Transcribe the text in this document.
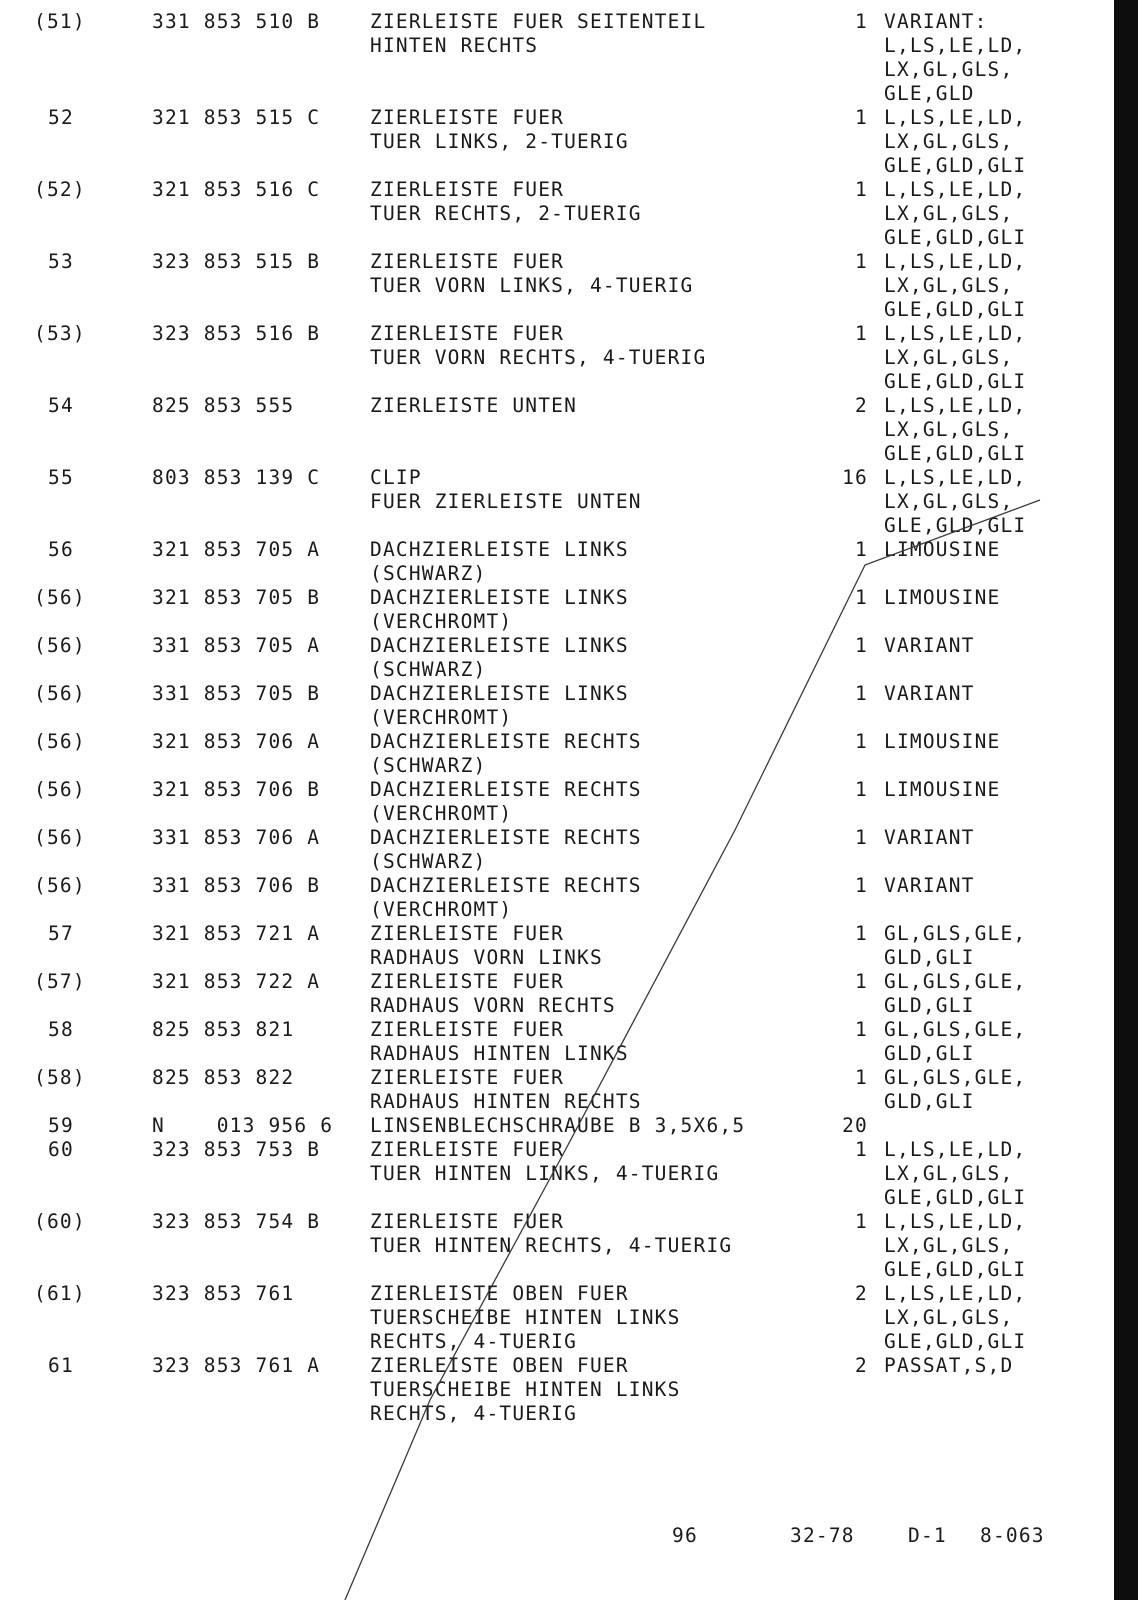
(51)	331 853 510 B	ZIERLEISTE FUER SEITENTEIL
HINTEN RECHTS
1 VARIANT:
L,LS,LE,LD,
LX,GL,GLS,
GLE,GLD
52	321 853 515 C	ZIERLEISTE FUER
TUER LINKS, 2-TUERIG
1 L,LS,LE,LD,
LX,GL,GLS,
GLE,GLD,GLI
(52)	321 853 516 C	ZIERLEISTE FUER
TUER RECHTS, 2-TUERIG
1 L,LS,LE,LD,
LX,GL,GLS,
GLE,GLD,GLI
53	323 853 515 B	ZIERLEISTE FUER
TUER VORN LINKS, 4-TUERIG
1 L,LS,LE,LD,
LX,GL,GLS,
GLE,GLD,GLI
(53)	323 853 516 B	ZIERLEISTE FUER
TUER VORN RECHTS, 4-TUERIG
1 L,LS,LE,LD,
LX,GL,GLS,
GLE,GLD,GLI
54	825 853 555	ZIERLEISTE UNTEN	2 L,LS,LE,LD,
LX,GL,GLS,
GLE,GLD,GLI
55	803 853 139 C	CLIP
FUER ZIERLEISTE UNTEN
16 L,LS,LE,LD,
LX,GL,GLS,
GLE,GLD,GLI
56	321 853 705 A	DACHZIERLEISTE LINKS
(SCHWARZ)
1 LIMOUSINE
(56)	321 853 705 B	DACHZIERLEISTE LINKS
(VERCHROMT)
1 LIMOUSINE
(56)	331 853 705 A	DACHZIERLEISTE LINKS
(SCHWARZ)
1 VARIANT
(56)	331 853 705 B	DACHZIERLEISTE LINKS
(VERCHROMT)
1 VARIANT
(56)	321 853 706 A	DACHZIERLEISTE RECHTS
(SCHWARZ)
1 LIMOUSINE
(56)	321 853 706 B	DACHZIERLEISTE RECHTS
(VERCHROMT)
1 LIMOUSINE
(56)	331 853 706 A	DACHZIERLEISTE RECHTS
(SCHWARZ)
1 VARIANT
(56)	331 853 706 B	DACHZIERLEISTE RECHTS
(VERCHROMT)
1 VARIANT
57	321 853 721 A	ZIERLEISTE FUER
RADHAUS VORN LINKS
1 GL,GLS,GLE,
GLD,GLI
(57)	321 853 722 A	ZIERLEISTE FUER
RADHAUS VORN RECHTS
1 GL,GLS,GLE,
GLD,GLI
58	825 853 821	ZIERLEISTE FUER
RADHAUS HINTEN LINKS
1 GL,GLS,GLE,
GLD,GLI
(58)	825 853 822	ZIERLEISTE FUER
RADHAUS HINTEN RECHTS
1 GL,GLS,GLE,
GLD,GLI
59	N    013 956 6	LINSENBLECHSCHRAUBE B 3,5X6,5	20
60	323 853 753 B	ZIERLEISTE FUER
TUER HINTEN LINKS, 4-TUERIG
1 L,LS,LE,LD,
LX,GL,GLS,
GLE,GLD,GLI
(60)	323 853 754 B	ZIERLEISTE FUER
TUER HINTEN RECHTS, 4-TUERIG
1 L,LS,LE,LD,
LX,GL,GLS,
GLE,GLD,GLI
(61)	323 853 761	ZIERLEISTE OBEN FUER
TUERSCHEIBE HINTEN LINKS
RECHTS, 4-TUERIG
2 L,LS,LE,LD,
LX,GL,GLS,
GLE,GLD,GLI
61	323 853 761 A	ZIERLEISTE OBEN FUER
TUERSCHEIBE HINTEN LINKS
RECHTS, 4-TUERIG
2 PASSAT,S,D
96	32-78	D-1 8-063
